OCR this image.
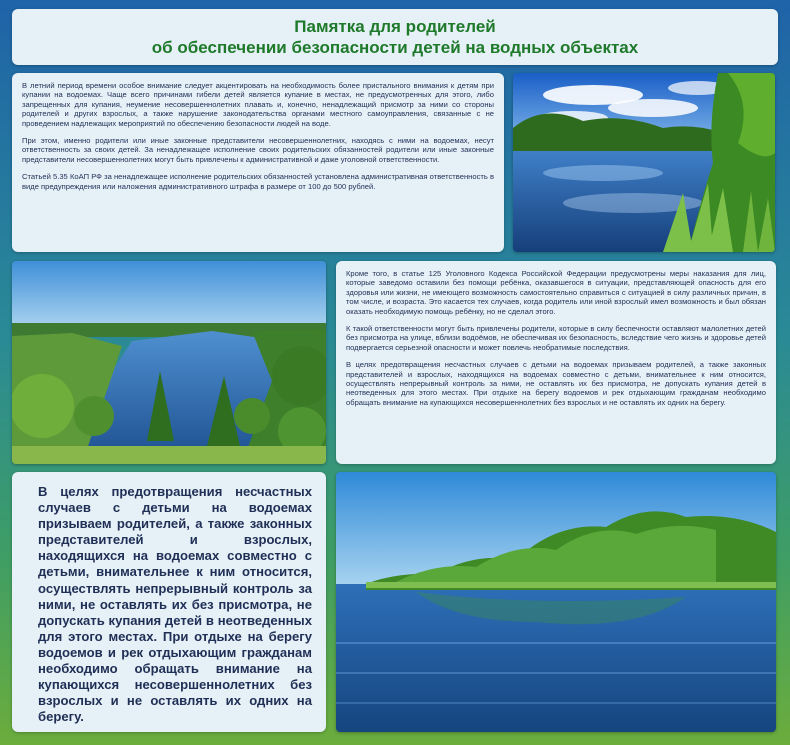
Памятка для родителей
об обеспечении безопасности детей на водных объектах

В летний период времени особое внимание следует акцентировать на необходимость более пристального внимания к детям при купании на водоемах. Чаще всего причинами гибели детей является купание в местах, не предусмотренных для этого, либо запрещенных для купания, неумение несовершеннолетних плавать и, конечно, ненадлежащий присмотр за ними со стороны родителей и других взрослых, а также нарушение законодательства органами местного самоуправления, связанные с не проведением надлежащих мероприятий по обеспечению безопасности людей на воде.

При этом, именно родители или иные законные представители несовершеннолетних, находясь с ними на водоемах, несут ответственность за своих детей. За ненадлежащее исполнение своих родительских обязанностей родители или иные законные представители несовершеннолетних могут быть привлечены к административной и даже уголовной ответственности.

Статьей 5.35 КоАП РФ за ненадлежащее исполнение родительских обязанностей установлена административная ответственность в виде предупреждения или наложения административного штрафа в размере от 100 до 500 рублей.

Кроме того, в статье 125 Уголовного Кодекса Российской Федерации предусмотрены меры наказания для лиц, которые заведомо оставили без помощи ребёнка, оказавшегося в ситуации, представляющей опасность для его здоровья или жизни, не имеющего возможность самостоятельно справиться с ситуацией в силу различных причин, в том числе, и возраста. Это касается тех случаев, когда родитель или иной взрослый имел возможность и был обязан оказать необходимую помощь ребёнку, но не сделал этого.

К такой ответственности могут быть привлечены родители, которые в силу беспечности оставляют малолетних детей без присмотра на улице, вблизи водоёмов, не обеспечивая их безопасность, вследствие чего жизнь и здоровье детей подвергается серьезной опасности и может повлечь необратимые последствия.

В целях предотвращения несчастных случаев с детьми на водоемах призываем родителей, а также законных представителей и взрослых, находящихся на водоемах совместно с детьми, внимательнее к ним относится, осуществлять непрерывный контроль за ними, не оставлять их без присмотра, не допускать купания детей в неотведенных для этого местах. При отдыхе на берегу водоемов и рек отдыхающим гражданам необходимо обращать внимание на купающихся несовершеннолетних без взрослых и не оставлять их одних на берегу.

В целях предотвращения несчастных случаев с детьми на водоемах призываем родителей, а также законных представителей и взрослых, находящихся на водоемах совместно с детьми, внимательнее к ним относится, осуществлять непрерывный контроль за ними, не оставлять их без присмотра, не допускать купания детей в неотведенных для этого местах. При отдыхе на берегу водоемов и рек отдыхающим гражданам необходимо обращать внимание на купающихся несовершеннолетних без взрослых и не оставлять их одних на берегу.
